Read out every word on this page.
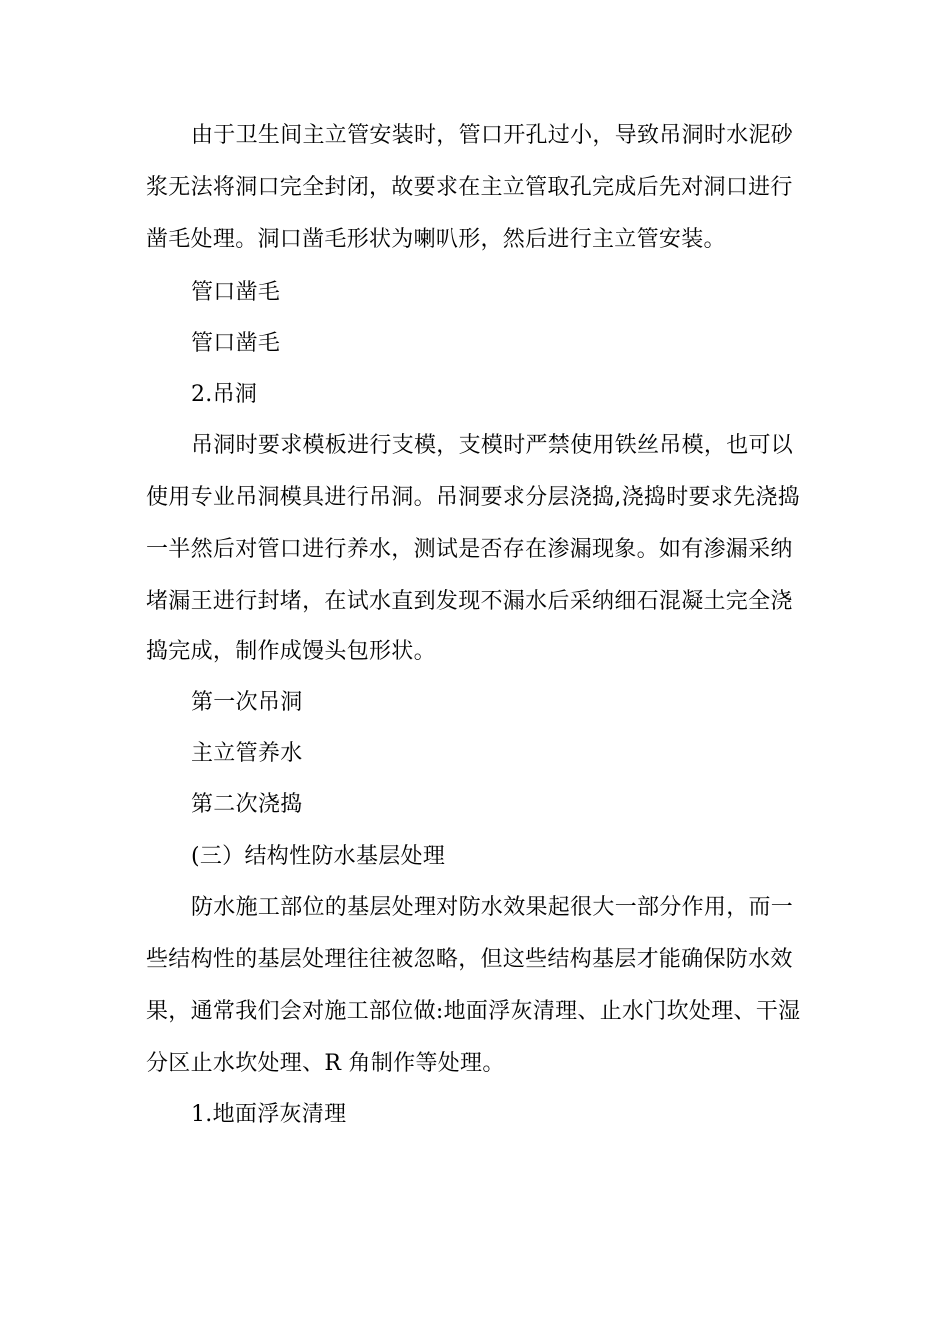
由于卫生间主立管安装时，管口开孔过小，导致吊洞时水泥砂

浆无法将洞口完全封闭，故要求在主立管取孔完成后先对洞口进行

凿毛处理。洞口凿毛形状为喇叭形，然后进行主立管安装。

管口凿毛

管口凿毛

2.吊洞

吊洞时要求模板进行支模，支模时严禁使用铁丝吊模，也可以

使用专业吊洞模具进行吊洞。吊洞要求分层浇捣,浇捣时要求先浇捣

一半然后对管口进行养水，测试是否存在渗漏现象。如有渗漏采纳

堵漏王进行封堵，在试水直到发现不漏水后采纳细石混凝土完全浇

捣完成，制作成馒头包形状。

第一次吊洞

主立管养水

第二次浇捣

(三）结构性防水基层处理

防水施工部位的基层处理对防水效果起很大一部分作用，而一

些结构性的基层处理往往被忽略，但这些结构基层才能确保防水效

果，通常我们会对施工部位做:地面浮灰清理、止水门坎处理、干湿

分区止水坎处理、R 角制作等处理。

1.地面浮灰清理
